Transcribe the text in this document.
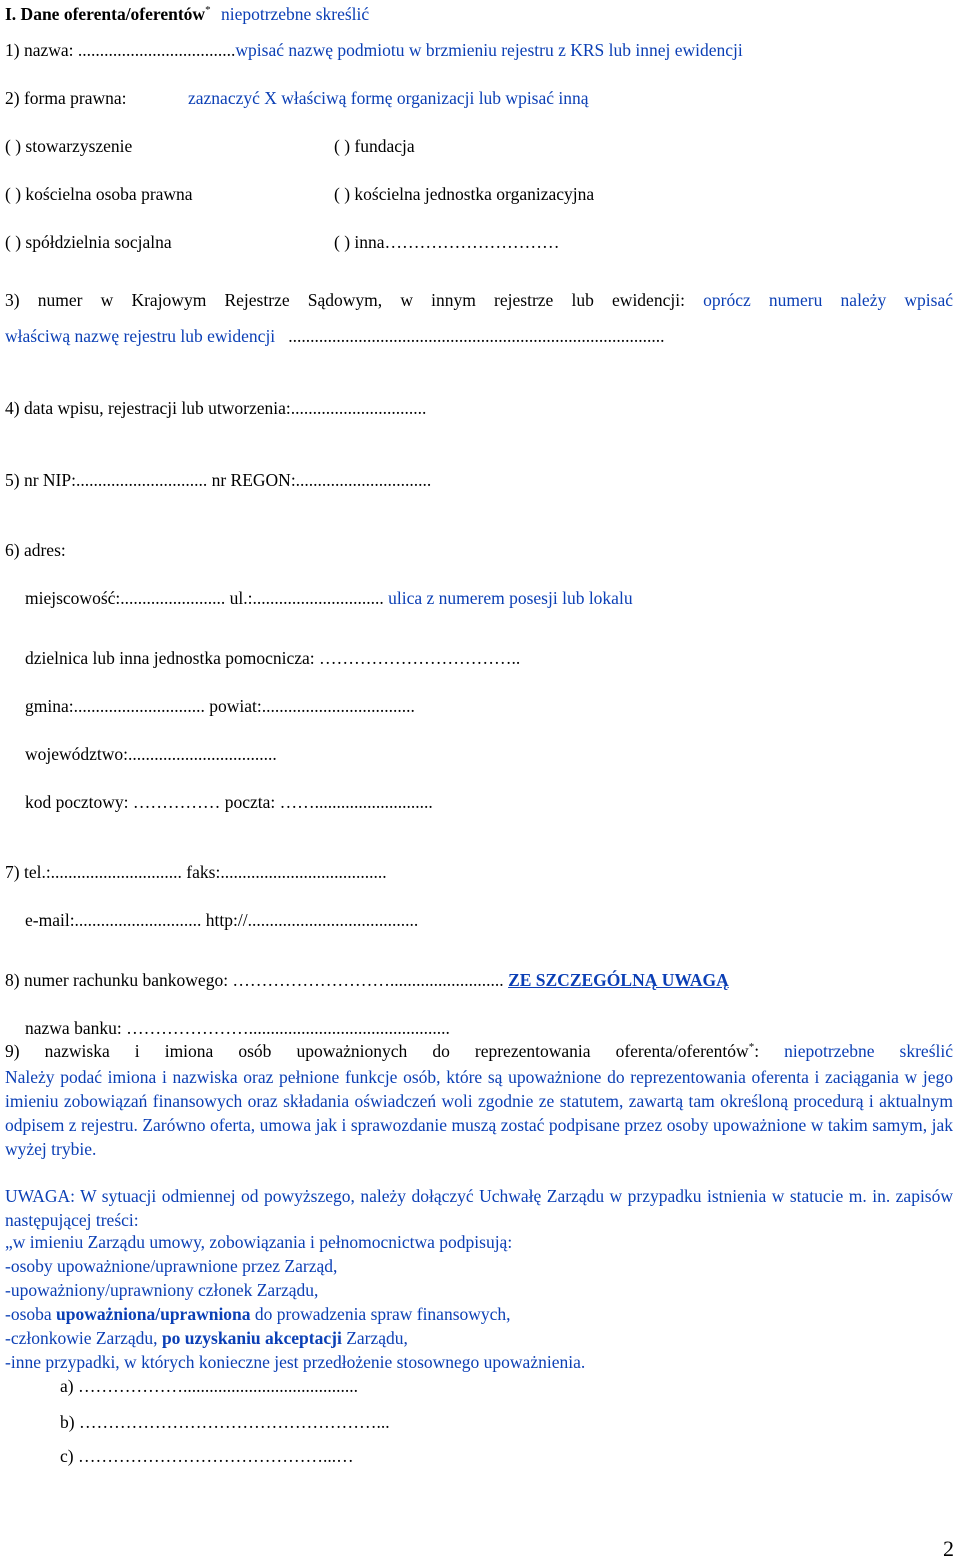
I. Dane oferenta/oferentów* niepotrzebne skreślić
1) nazwa: ....................................wpisać nazwę podmiotu w brzmieniu rejestru z KRS lub innej ewidencji
2) forma prawna:	zaznaczyć X właściwą formę organizacji lub wpisać inną
( ) stowarzyszenie	( ) fundacja
( ) kościelna osoba prawna	( ) kościelna jednostka organizacyjna
( ) spółdzielnia socjalna	( ) inna…………………………
3) numer w Krajowym Rejestrze Sądowym, w innym rejestrze lub ewidencji: oprócz numeru należy wpisać
właściwą nazwę rejestru lub ewidencji ......................................................................................
4) data wpisu, rejestracji lub utworzenia:...............................
5) nr NIP:.............................. nr REGON:...............................
6) adres:
miejscowość:........................ ul.:.............................. ulica z numerem posesji lub lokalu
dzielnica lub inna jednostka pomocnicza: ……………………………..
gmina:.............................. powiat:...................................
województwo:..................................
kod pocztowy: …………… poczta: ……...........................
7) tel.:.............................. faks:......................................
e-mail:............................. http://.......................................
8) numer rachunku bankowego: ……………………….......................... ZE SZCZEGÓLNĄ UWAGĄ
nazwa banku: …………………..............................................
9) nazwiska i imiona osób upoważnionych do reprezentowania oferenta/oferentów*: niepotrzebne skreślić
Należy podać imiona i nazwiska oraz pełnione funkcje osób, które są upoważnione do reprezentowania oferenta i zaciągania w jego imieniu zobowiązań finansowych oraz składania oświadczeń woli zgodnie ze statutem, zawartą tam określoną procedurą i aktualnym odpisem z rejestru. Zarówno oferta, umowa jak i sprawozdanie muszą zostać podpisane przez osoby upoważnione w takim samym, jak wyżej trybie.
UWAGA: W sytuacji odmiennej od powyższego, należy dołączyć Uchwałę Zarządu w przypadku istnienia w statucie m. in. zapisów następującej treści:
„w imieniu Zarządu umowy, zobowiązania i pełnomocnictwa podpisują:
-osoby upoważnione/uprawnione przez Zarząd,
-upoważniony/uprawniony członek Zarządu,
-osoba upoważniona/uprawniona do prowadzenia spraw finansowych,
-członkowie Zarządu, po uzyskaniu akceptacji Zarządu,
-inne przypadki, w których konieczne jest przedłożenie stosownego upoważnienia.
a) ………………........................................
b) ……………………………………………...
c) ……………………………………...…
2
